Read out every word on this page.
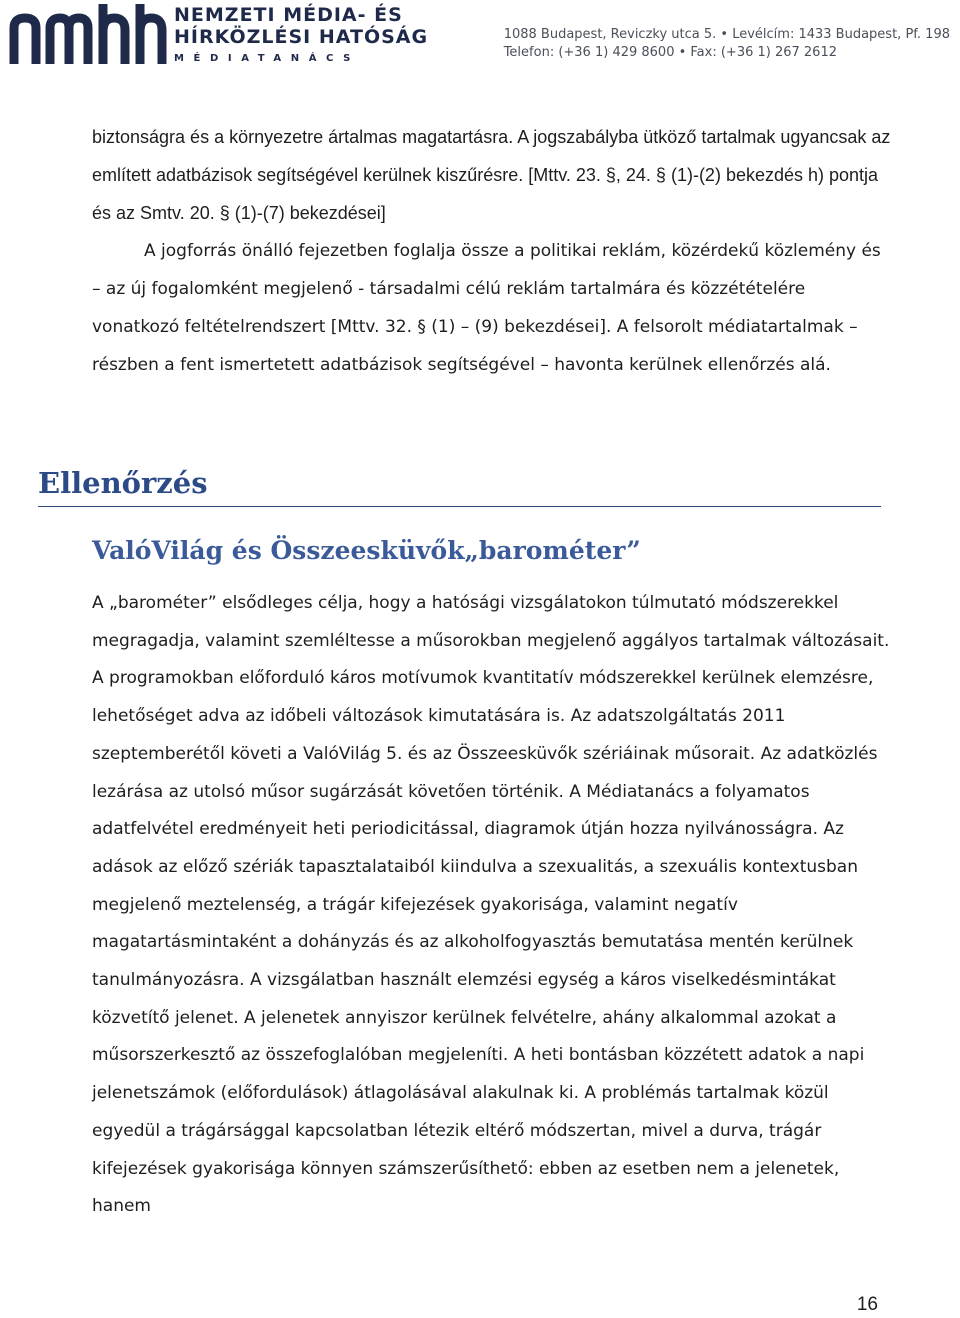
NEMZETI MÉDIA- ÉS
HÍRKÖZLÉSI HATÓSÁG
MÉDIATANÁCS
1088 Budapest, Reviczky utca 5. • Levélcím: 1433 Budapest, Pf. 198
Telefon: (+36 1) 429 8600 • Fax: (+36 1) 267 2612

biztonságra és a környezetre ártalmas magatartásra. A jogszabályba ütköző tartalmak ugyancsak az említett adatbázisok segítségével kerülnek kiszűrésre. [Mttv. 23. §, 24. § (1)-(2) bekezdés h) pontja és az Smtv. 20. § (1)-(7) bekezdései]

A jogforrás önálló fejezetben foglalja össze a politikai reklám, közérdekű közlemény és – az új fogalomként megjelenő - társadalmi célú reklám tartalmára és közzétételére vonatkozó feltételrendszert [Mttv. 32. § (1) – (9) bekezdései]. A felsorolt médiatartalmak – részben a fent ismertetett adatbázisok segítségével – havonta kerülnek ellenőrzés alá.

Ellenőrzés
ValóVilág és Összeesküvők„barométer”

A „barométer” elsődleges célja, hogy a hatósági vizsgálatokon túlmutató módszerekkel megragadja, valamint szemléltesse a műsorokban megjelenő aggályos tartalmak változásait. A programokban előforduló káros motívumok kvantitatív módszerekkel kerülnek elemzésre, lehetőséget adva az időbeli változások kimutatására is. Az adatszolgáltatás 2011 szeptemberétől követi a ValóVilág 5. és az Összeesküvők szériáinak műsorait. Az adatközlés lezárása az utolsó műsor sugárzását követően történik. A Médiatanács a folyamatos adatfelvétel eredményeit heti periodicitással, diagramok útján hozza nyilvánosságra. Az adások az előző szériák tapasztalataiból kiindulva a szexualitás, a szexuális kontextusban megjelenő meztelenség, a trágár kifejezések gyakorisága, valamint negatív magatartásmintaként a dohányzás és az alkoholfogyasztás bemutatása mentén kerülnek tanulmányozásra. A vizsgálatban használt elemzési egység a káros viselkedésmintákat közvetítő jelenet. A jelenetek annyiszor kerülnek felvételre, ahány alkalommal azokat a műsorszerkesztő az összefoglalóban megjeleníti. A heti bontásban közzétett adatok a napi jelenetszámok (előfordulások) átlagolásával alakulnak ki. A problémás tartalmak közül egyedül a trágársággal kapcsolatban létezik eltérő módszertan, mivel a durva, trágár kifejezések gyakorisága könnyen számszerűsíthető: ebben az esetben nem a jelenetek, hanem

16
